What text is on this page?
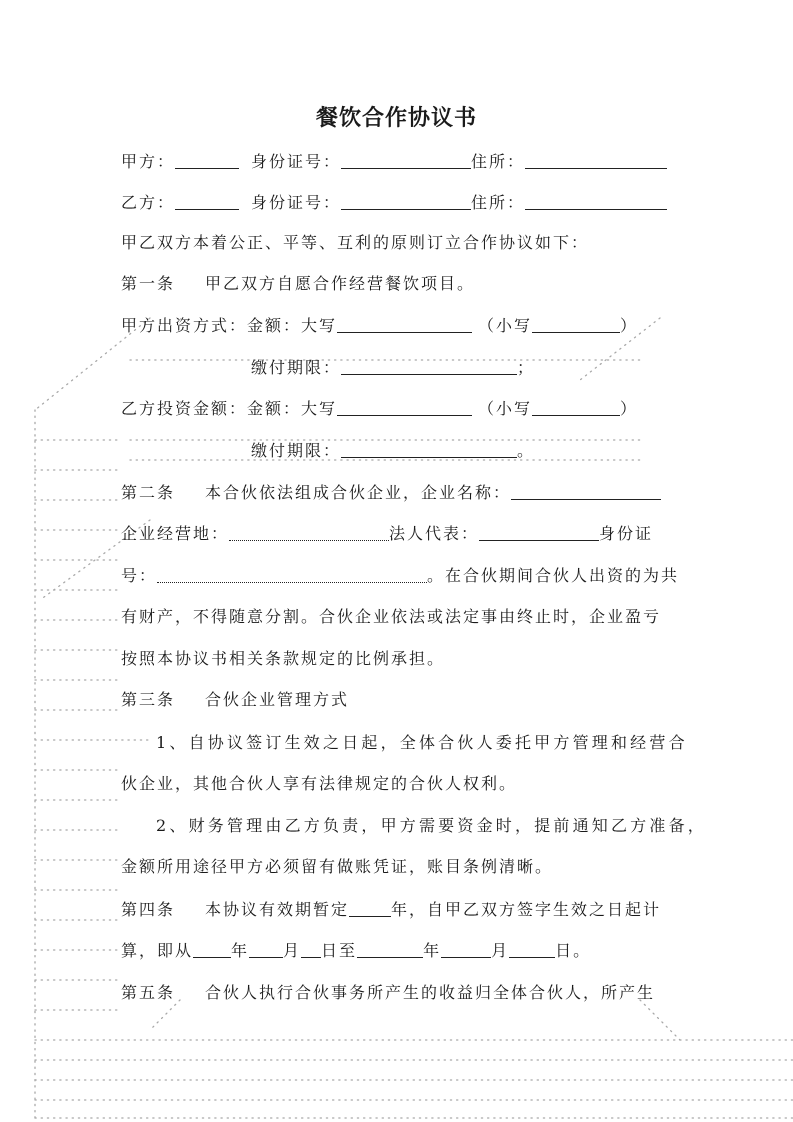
餐饮合作协议书
甲方：	身份证号：	住所：
乙方：	身份证号：	住所：
甲乙双方本着公正、平等、互利的原则订立合作协议如下：
第一条 甲乙双方自愿合作经营餐饮项目。
甲方出资方式：金额：大写	（小写	）
缴付期限：	；
乙方投资金额：金额：大写	（小写	）
缴付期限：	。
第二条 本合伙依法组成合伙企业，企业名称：
企业经营地：	法人代表：	身份证
号：	。在合伙期间合伙人出资的为共
有财产，不得随意分割。合伙企业依法或法定事由终止时，企业盈亏
按照本协议书相关条款规定的比例承担。
第三条 合伙企业管理方式
1、自协议签订生效之日起，全体合伙人委托甲方管理和经营合
伙企业，其他合伙人享有法律规定的合伙人权利。
2、财务管理由乙方负责，甲方需要资金时，提前通知乙方准备，
金额所用途径甲方必须留有做账凭证，账目条例清晰。
第四条 本协议有效期暂定	年，自甲乙双方签字生效之日起计
算，即从 年 月 日至	年	月	日。
第五条 合伙人执行合伙事务所产生的收益归全体合伙人，所产生
